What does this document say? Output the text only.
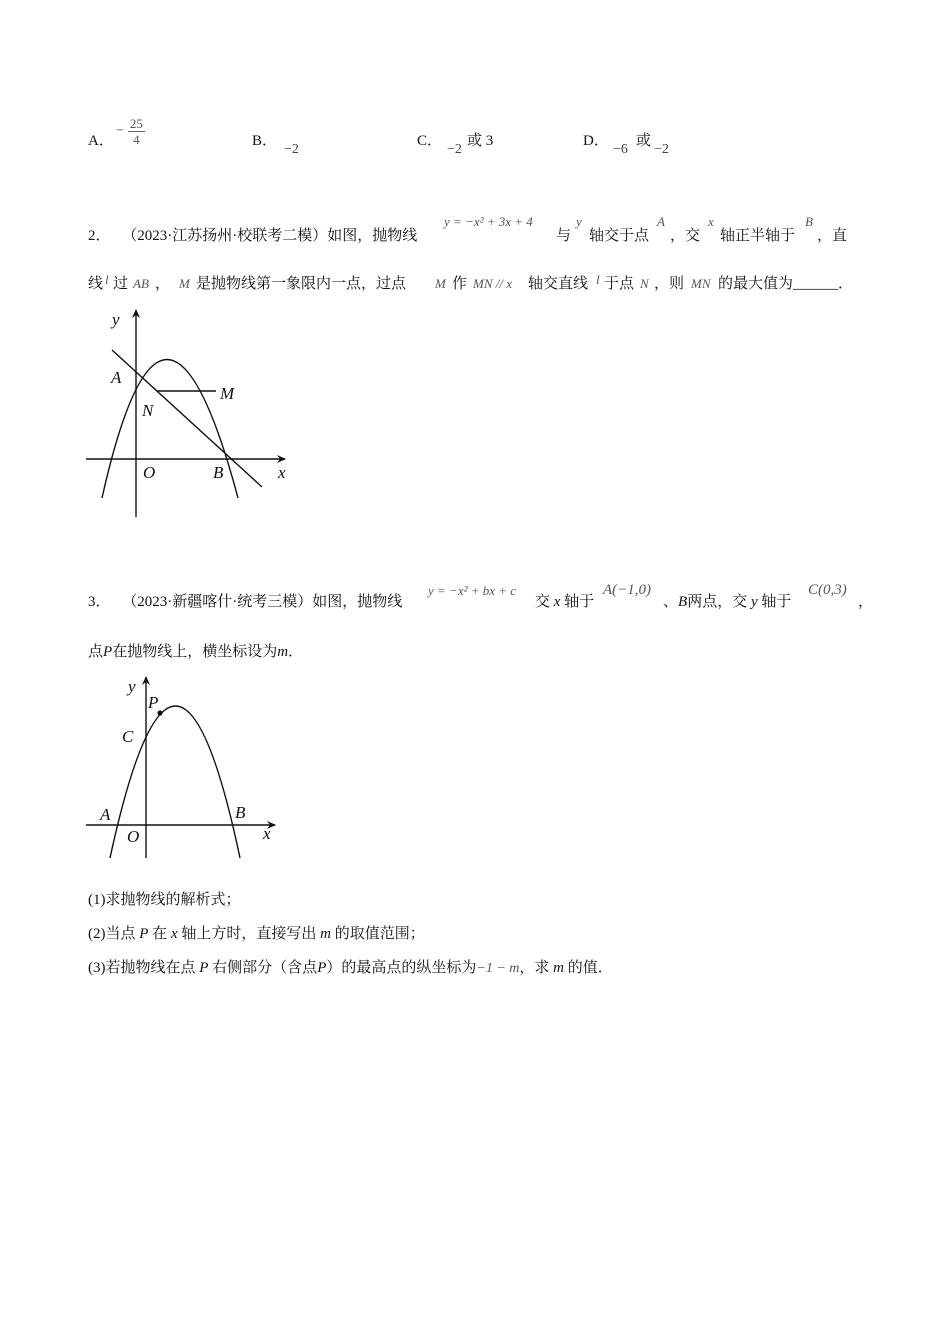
A．
− $\frac{25}{4}$	B．
−2
C．
−2
或 3	D．
−6
或
−2
2． （2023·江苏扬州·校联考二模）如图，抛物线
y = −x² + 3x + 4
与
y
轴交于点
A
，交
x
轴正半轴于
B
，直
线 l 过 AB ， M 是抛物线第一象限内一点，过点 M 作 MN // x 轴交直线 l 于点 N ，则 MN 的最大值为______．
y
A
M
N
O	B	x
3． （2023·新疆喀什·统考三模）如图，抛物线
y = −x² + bx + c
交 x 轴于
A(−1,0)
、B两点，交 y 轴于
C(0,3)
，
点P在抛物线上，横坐标设为m．
y
P
C
A
O
B
x
(1)求抛物线的解析式；
(2)当点 P 在 x 轴上方时，直接写出 m 的取值范围；
(3)若抛物线在点 P 右侧部分（含点P）的最高点的纵坐标为−1 − m，求 m 的值．
